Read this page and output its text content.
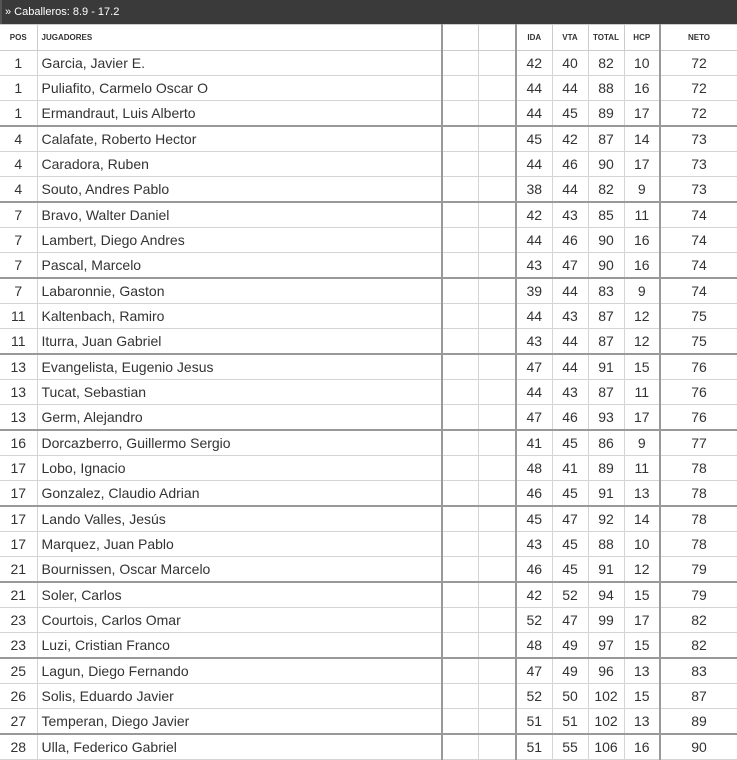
» Caballeros: 8.9 - 17.2
POS	JUGADORES			IDA	VTA	TOTAL	HCP	NETO
1	Garcia, Javier E.			42	40	82	10	72
1	Puliafito, Carmelo Oscar O			44	44	88	16	72
1	Ermandraut, Luis Alberto			44	45	89	17	72
4	Calafate, Roberto Hector			45	42	87	14	73
4	Caradora, Ruben			44	46	90	17	73
4	Souto, Andres Pablo			38	44	82	9	73
7	Bravo, Walter Daniel			42	43	85	11	74
7	Lambert, Diego Andres			44	46	90	16	74
7	Pascal, Marcelo			43	47	90	16	74
7	Labaronnie, Gaston			39	44	83	9	74
11	Kaltenbach, Ramiro			44	43	87	12	75
11	Iturra, Juan Gabriel			43	44	87	12	75
13	Evangelista, Eugenio Jesus			47	44	91	15	76
13	Tucat, Sebastian			44	43	87	11	76
13	Germ, Alejandro			47	46	93	17	76
16	Dorcazberro, Guillermo Sergio			41	45	86	9	77
17	Lobo, Ignacio			48	41	89	11	78
17	Gonzalez, Claudio Adrian			46	45	91	13	78
17	Lando Valles, Jesús			45	47	92	14	78
17	Marquez, Juan Pablo			43	45	88	10	78
21	Bournissen, Oscar Marcelo			46	45	91	12	79
21	Soler, Carlos			42	52	94	15	79
23	Courtois, Carlos Omar			52	47	99	17	82
23	Luzi, Cristian Franco			48	49	97	15	82
25	Lagun, Diego Fernando			47	49	96	13	83
26	Solis, Eduardo Javier			52	50	102	15	87
27	Temperan, Diego Javier			51	51	102	13	89
28	Ulla, Federico Gabriel			51	55	106	16	90
